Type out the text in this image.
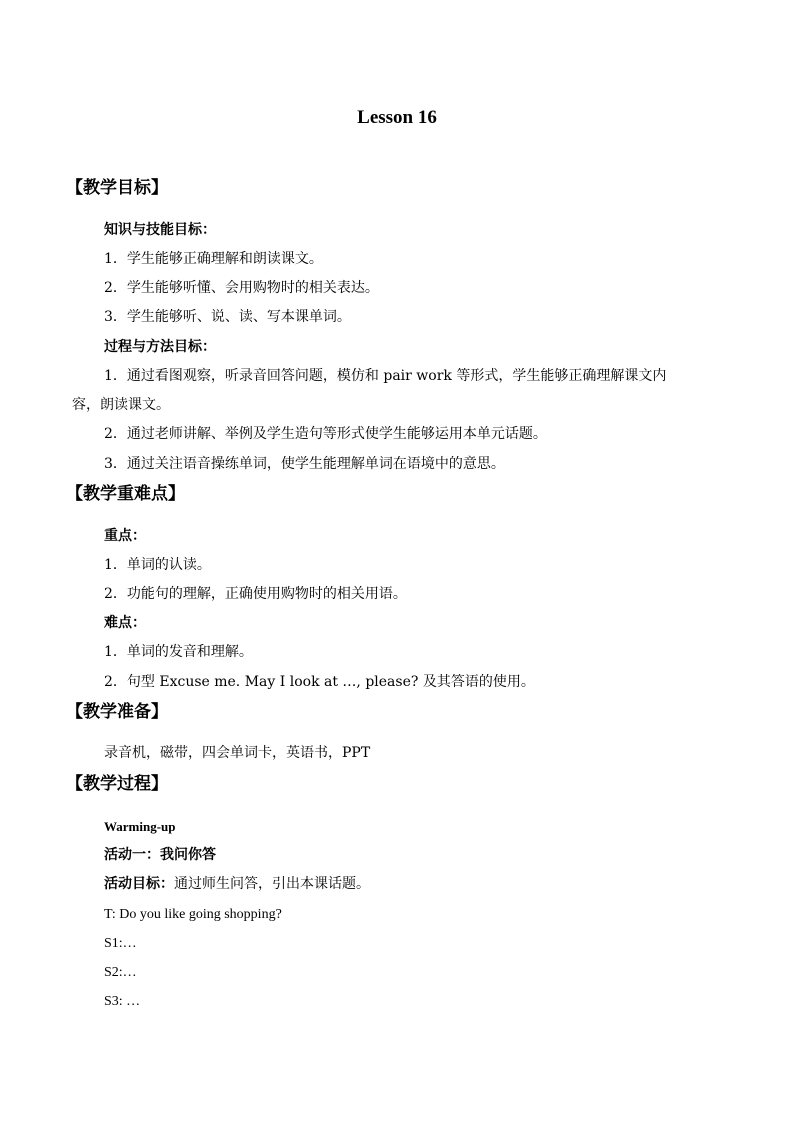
Lesson 16
【教学目标】
知识与技能目标：
1．学生能够正确理解和朗读课文。
2．学生能够听懂、会用购物时的相关表达。
3．学生能够听、说、读、写本课单词。
过程与方法目标：
1．通过看图观察，听录音回答问题，模仿和 pair work 等形式，学生能够正确理解课文内
容，朗读课文。
2．通过老师讲解、举例及学生造句等形式使学生能够运用本单元话题。
3．通过关注语音操练单词，使学生能理解单词在语境中的意思。
【教学重难点】
重点：
1．单词的认读。
2．功能句的理解，正确使用购物时的相关用语。
难点：
1．单词的发音和理解。
2．句型 Excuse me. May I look at …, please? 及其答语的使用。
【教学准备】
录音机，磁带，四会单词卡，英语书，PPT
【教学过程】
Warming-up
活动一：我问你答
活动目标：通过师生问答，引出本课话题。
T: Do you like going shopping?
S1:…
S2:…
S3: …
